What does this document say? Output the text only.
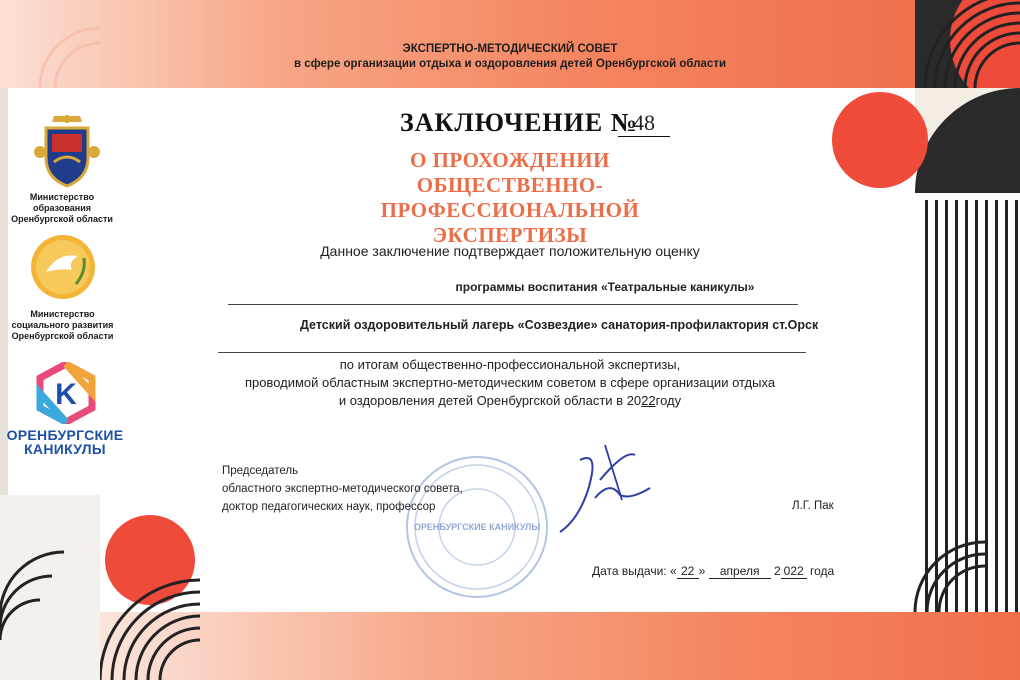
ЭКСПЕРТНО-МЕТОДИЧЕСКИЙ СОВЕТ
в сфере организации отдыха и оздоровления детей Оренбургской области
Министерство образования
Оренбургской области
Министерство
социального развития
Оренбургской области
K
ОРЕНБУРГСКИЕ
КАНИКУЛЫ
ЗАКЛЮЧЕНИЕ №
48
О ПРОХОЖДЕНИИ
ОБЩЕСТВЕННО-ПРОФЕССИОНАЛЬНОЙ
ЭКСПЕРТИЗЫ
Данное заключение подтверждает положительную оценку
программы воспитания «Театральные каникулы»
Детский оздоровительный лагерь «Созвездие» санатория-профилактория ст.Орск
по итогам общественно-профессиональной экспертизы,
проводимой областным экспертно-методическим советом в сфере организации отдыха
и оздоровления детей Оренбургской области в 2022году
ОРЕНБУРГСКИЕ КАНИКУЛЫ
Председатель
областного экспертно-методического совета,
доктор педагогических наук, профессор	Л.Г. Пак
Дата выдачи: « 22 » апреля 2 022 года
